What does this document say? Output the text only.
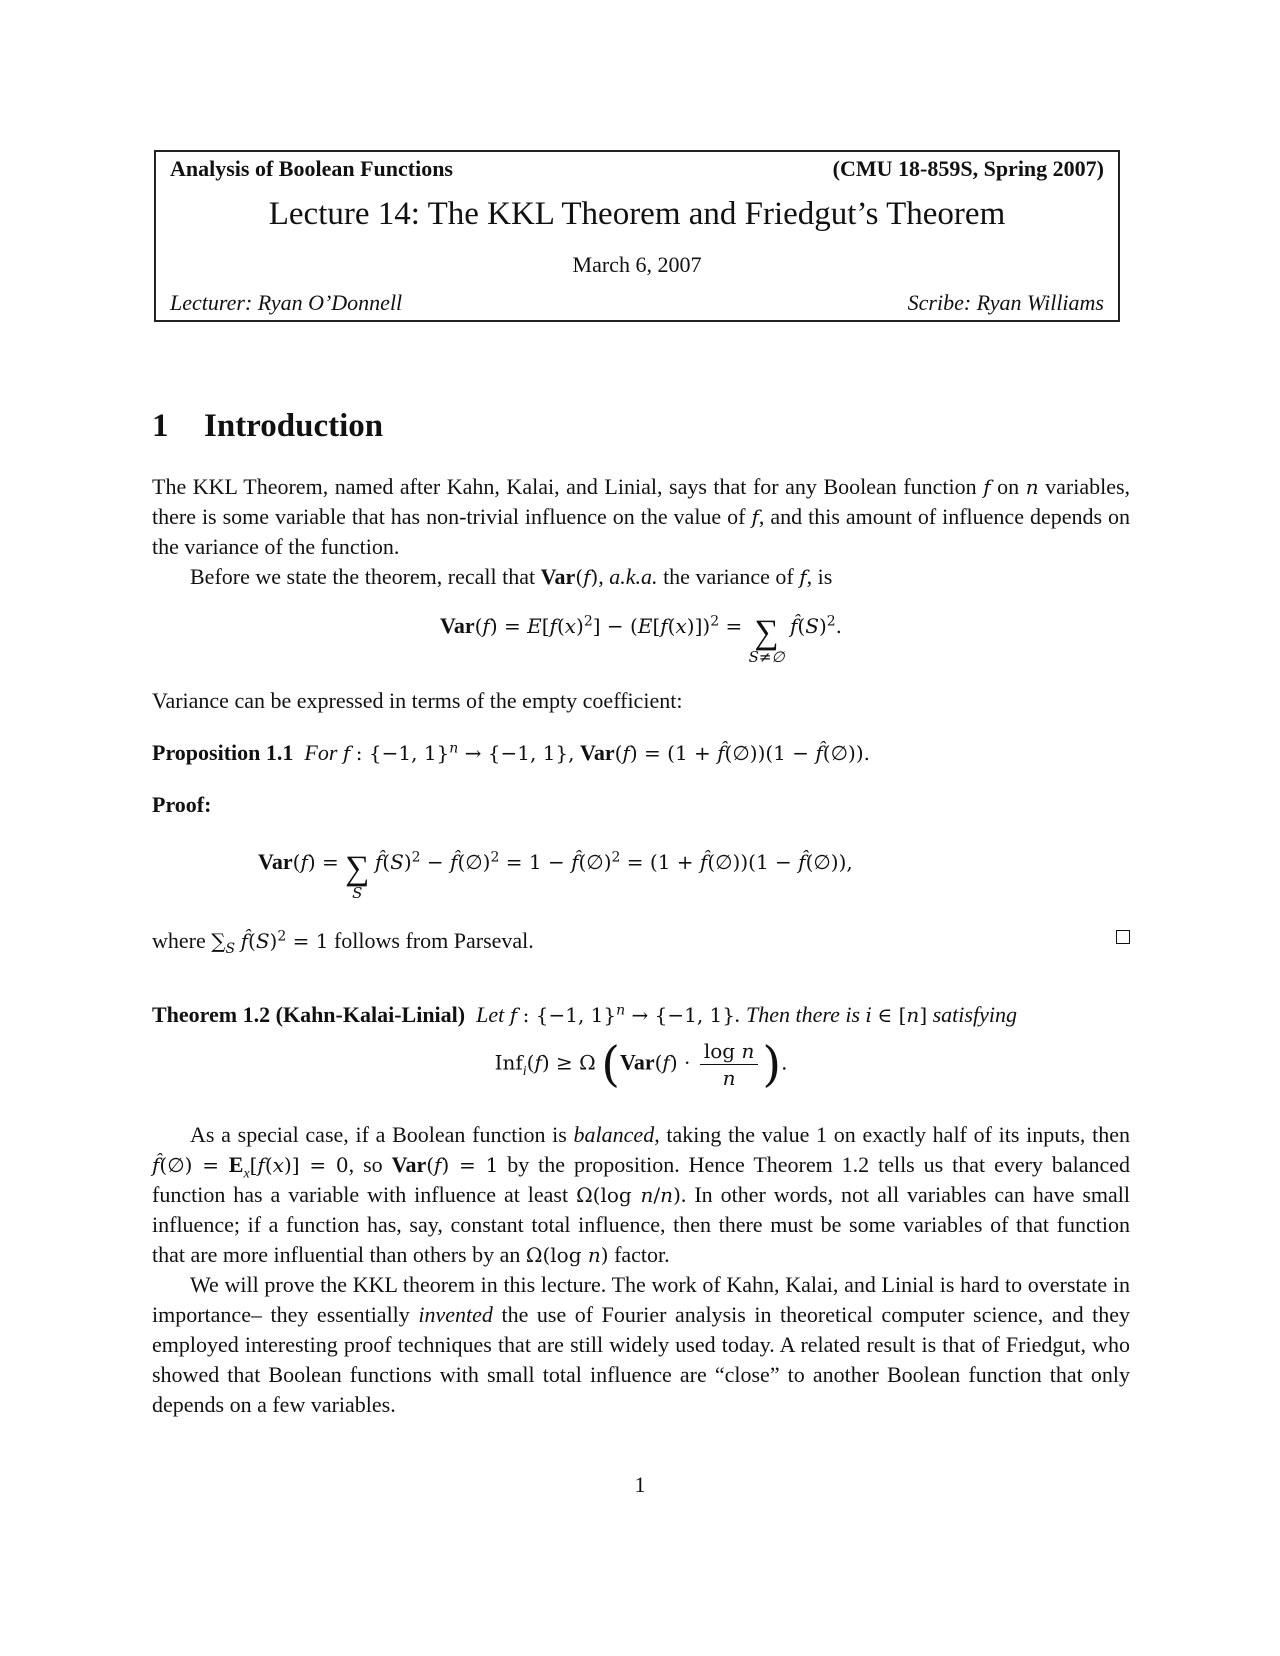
Analysis of Boolean Functions	(CMU 18-859S, Spring 2007)
Lecture 14: The KKL Theorem and Friedgut’s Theorem
March 6, 2007
Lecturer: Ryan O’Donnell	Scribe: Ryan Williams
1 Introduction
The KKL Theorem, named after Kahn, Kalai, and Linial, says that for any Boolean function f on n variables, there is some variable that has non-trivial influence on the value of f, and this amount of influence depends on the variance of the function.
Before we state the theorem, recall that Var(f), a.k.a. the variance of f, is
$Var(f) = E[f(x)^2] - (E[f(x)])^2$ = ∑
S≠∅
$f̂(S)^2$.
Variance can be expressed in terms of the empty coefficient:
Proposition 1.1 For f : {−1, 1}$^n$ → {−1, 1}, Var(f) = (1 + f̂(∅))(1 − f̂(∅)).
Proof:
Var(f) = ∑
S
$f̂(S)^2$ − f̂(∅)$^2$ = 1 − f̂(∅)$^2$ = (1 + f̂(∅))(1 − f̂(∅)),
where $\sum_S$ $f̂(S)^2 = 1$ follows from Parseval.
Theorem 1.2 (Kahn-Kalai-Linial) Let f : {−1, 1}$^n$ → {−1, 1}. Then there is i ∈ [n] satisfying
Inf$_i$(f) ≥ Ω ($Var(f) \cdot \frac{\text{log n}}{n}$ ).
As a special case, if a Boolean function is balanced, taking the value 1 on exactly half of its inputs, then f̂(∅) = $E_x[f(x)] = 0$, so Var(f) = 1 by the proposition. Hence Theorem 1.2 tells us that every balanced function has a variable with influence at least Ω(log n/n). In other words, not all variables can have small influence; if a function has, say, constant total influence, then there must be some variables of that function that are more influential than others by an Ω(log n) factor.
We will prove the KKL theorem in this lecture. The work of Kahn, Kalai, and Linial is hard to overstate in importance– they essentially invented the use of Fourier analysis in theoretical computer science, and they employed interesting proof techniques that are still widely used today. A related result is that of Friedgut, who showed that Boolean functions with small total influence are “close” to another Boolean function that only depends on a few variables.
1
